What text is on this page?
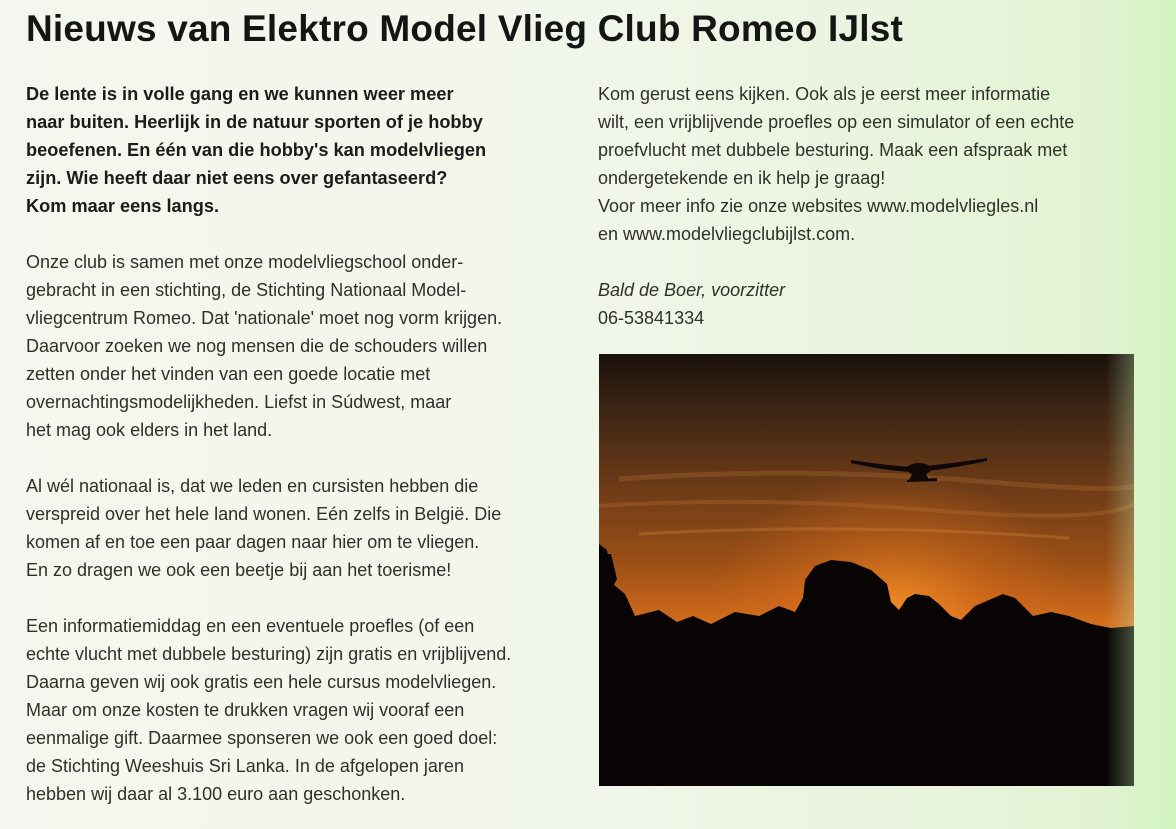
Nieuws van Elektro Model Vlieg Club Romeo IJlst

De lente is in volle gang en we kunnen weer meer
naar buiten. Heerlijk in de natuur sporten of je hobby
beoefenen. En één van die hobby's kan modelvliegen
zijn. Wie heeft daar niet eens over gefantaseerd?
Kom maar eens langs.

Onze club is samen met onze modelvliegschool onder-
gebracht in een stichting, de Stichting Nationaal Model-
vliegcentrum Romeo. Dat 'nationale' moet nog vorm krijgen.
Daarvoor zoeken we nog mensen die de schouders willen
zetten onder het vinden van een goede locatie met
overnachtingsmodelijkheden. Liefst in Súdwest, maar
het mag ook elders in het land.

Al wél nationaal is, dat we leden en cursisten hebben die
verspreid over het hele land wonen. Eén zelfs in België. Die
komen af en toe een paar dagen naar hier om te vliegen.
En zo dragen we ook een beetje bij aan het toerisme!

Een informatiemiddag en een eventuele proefles (of een
echte vlucht met dubbele besturing) zijn gratis en vrijblijvend.
Daarna geven wij ook gratis een hele cursus modelvliegen.
Maar om onze kosten te drukken vragen wij vooraf een
eenmalige gift. Daarmee sponseren we ook een goed doel:
de Stichting Weeshuis Sri Lanka. In de afgelopen jaren
hebben wij daar al 3.100 euro aan geschonken.

Kom gerust eens kijken. Ook als je eerst meer informatie
wilt, een vrijblijvende proefles op een simulator of een echte
proefvlucht met dubbele besturing. Maak een afspraak met
ondergetekende en ik help je graag!
Voor meer info zie onze websites www.modelvliegles.nl
en www.modelvliegclubijlst.com.

Bald de Boer, voorzitter
06-53841334
